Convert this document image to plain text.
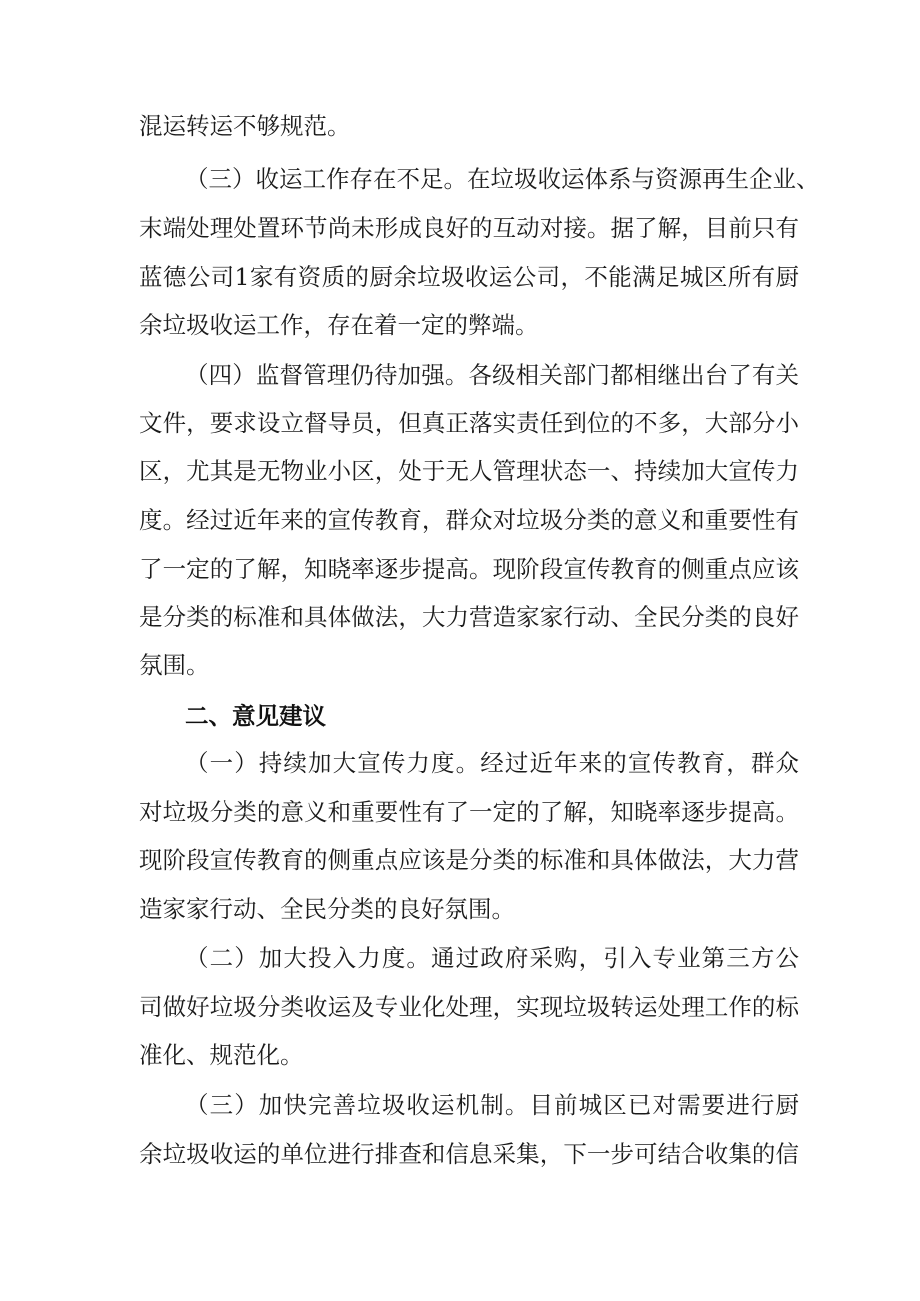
混运转运不够规范。
（三）收运工作存在不足。在垃圾收运体系与资源再生企业、
末端处理处置环节尚未形成良好的互动对接。据了解，目前只有
蓝德公司1家有资质的厨余垃圾收运公司，不能满足城区所有厨
余垃圾收运工作，存在着一定的弊端。
（四）监督管理仍待加强。各级相关部门都相继出台了有关
文件，要求设立督导员，但真正落实责任到位的不多，大部分小
区，尤其是无物业小区，处于无人管理状态一、持续加大宣传力
度。经过近年来的宣传教育，群众对垃圾分类的意义和重要性有
了一定的了解，知晓率逐步提高。现阶段宣传教育的侧重点应该
是分类的标准和具体做法，大力营造家家行动、全民分类的良好
氛围。
二、意见建议
（一）持续加大宣传力度。经过近年来的宣传教育，群众
对垃圾分类的意义和重要性有了一定的了解，知晓率逐步提高。
现阶段宣传教育的侧重点应该是分类的标准和具体做法，大力营
造家家行动、全民分类的良好氛围。
（二）加大投入力度。通过政府采购，引入专业第三方公
司做好垃圾分类收运及专业化处理，实现垃圾转运处理工作的标
准化、规范化。
（三）加快完善垃圾收运机制。目前城区已对需要进行厨
余垃圾收运的单位进行排查和信息采集，下一步可结合收集的信
